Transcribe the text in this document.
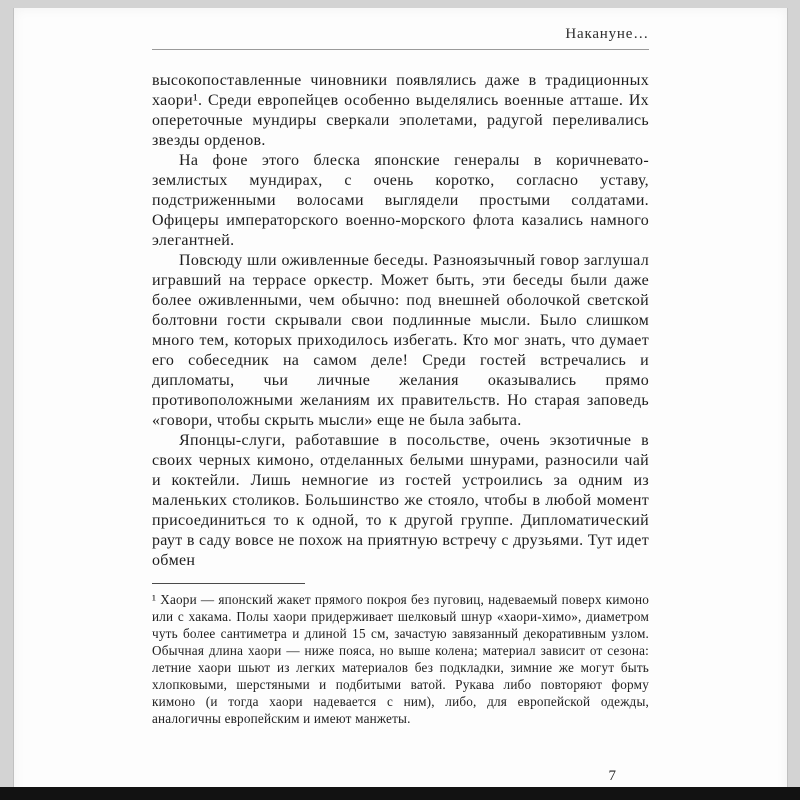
Накануне…

высокопоставленные чиновники появлялись даже в традиционных хаори¹. Среди европейцев особенно выделялись военные атташе. Их опереточные мундиры сверкали эполетами, радугой переливались звезды орденов.

На фоне этого блеска японские генералы в коричневато-землистых мундирах, с очень коротко, согласно уставу, подстриженными волосами выглядели простыми солдатами. Офицеры императорского военно-морского флота казались намного элегантней.

Повсюду шли оживленные беседы. Разноязычный говор заглушал игравший на террасе оркестр. Может быть, эти беседы были даже более оживленными, чем обычно: под внешней оболочкой светской болтовни гости скрывали свои подлинные мысли. Было слишком много тем, которых приходилось избегать. Кто мог знать, что думает его собеседник на самом деле! Среди гостей встречались и дипломаты, чьи личные желания оказывались прямо противоположными желаниям их правительств. Но старая заповедь «говори, чтобы скрыть мысли» еще не была забыта.

Японцы-слуги, работавшие в посольстве, очень экзотичные в своих черных кимоно, отделанных белыми шнурами, разносили чай и коктейли. Лишь немногие из гостей устроились за одним из маленьких столиков. Большинство же стояло, чтобы в любой момент присоединиться то к одной, то к другой группе. Дипломатический раут в саду вовсе не похож на приятную встречу с друзьями. Тут идет обмен

¹ Хаори — японский жакет прямого покроя без пуговиц, надеваемый поверх кимоно или с хакама. Полы хаори придерживает шелковый шнур «хаори-химо», диаметром чуть более сантиметра и длиной 15 см, зачастую завязанный декоративным узлом. Обычная длина хаори — ниже пояса, но выше колена; материал зависит от сезона: летние хаори шьют из легких материалов без подкладки, зимние же могут быть хлопковыми, шерстяными и подбитыми ватой. Рукава либо повторяют форму кимоно (и тогда хаори надевается с ним), либо, для европейской одежды, аналогичны европейским и имеют манжеты.

7
